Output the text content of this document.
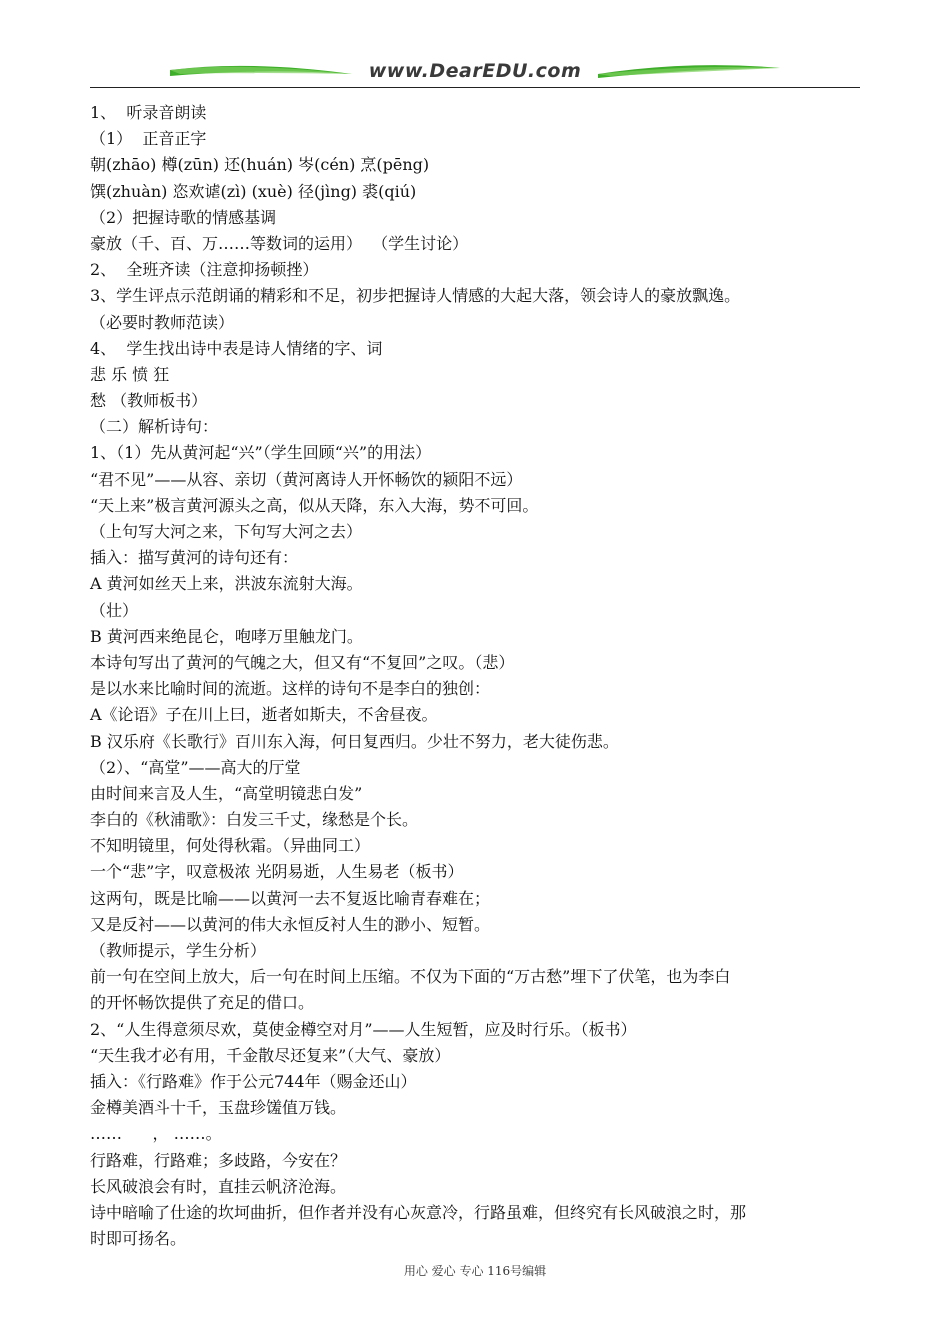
www.DearEDU.com
1、  听录音朗读
（1）  正音正字
朝(zhāo) 樽(zūn) 还(huán) 岑(cén) 烹(pēng)
馔(zhuàn) 恣欢谑(zì) (xuè) 径(jìng) 裘(qiú)
（2）把握诗歌的情感基调
豪放（千、百、万……等数词的运用）  （学生讨论）
2、  全班齐读（注意抑扬顿挫）
3、学生评点示范朗诵的精彩和不足，初步把握诗人情感的大起大落，领会诗人的豪放飘逸。
（必要时教师范读）
4、  学生找出诗中表是诗人情绪的字、词
悲 乐 愤 狂
愁 （教师板书）
（二）解析诗句：
1、（1）先从黄河起“兴”（学生回顾“兴”的用法）
“君不见”——从容、亲切（黄河离诗人开怀畅饮的颍阳不远）
“天上来”极言黄河源头之高，似从天降，东入大海，势不可回。
（上句写大河之来，下句写大河之去）
插入：描写黄河的诗句还有：
A 黄河如丝天上来，洪波东流射大海。
（壮）
B 黄河西来绝昆仑，咆哮万里触龙门。
本诗句写出了黄河的气魄之大，但又有“不复回”之叹。（悲）
是以水来比喻时间的流逝。这样的诗句不是李白的独创：
A《论语》子在川上曰，逝者如斯夫，不舍昼夜。
B 汉乐府《长歌行》百川东入海，何日复西归。少壮不努力，老大徒伤悲。
（2）、“高堂”——高大的厅堂
由时间来言及人生，“高堂明镜悲白发”
李白的《秋浦歌》：白发三千丈，缘愁是个长。
不知明镜里，何处得秋霜。（异曲同工）
一个“悲”字，叹意极浓 光阴易逝，人生易老（板书）
这两句，既是比喻——以黄河一去不复返比喻青春难在；
又是反衬——以黄河的伟大永恒反衬人生的渺小、短暂。
（教师提示，学生分析）
前一句在空间上放大，后一句在时间上压缩。不仅为下面的“万古愁”埋下了伏笔，也为李白
的开怀畅饮提供了充足的借口。
2、“人生得意须尽欢，莫使金樽空对月”——人生短暂，应及时行乐。（板书）
“天生我才必有用，千金散尽还复来”（大气、豪放）
插入：《行路难》作于公元744年（赐金还山）
金樽美酒斗十千，玉盘珍馐值万钱。
……      ， ……。
行路难，行路难；多歧路，今安在？
长风破浪会有时，直挂云帆济沧海。
诗中暗喻了仕途的坎坷曲折，但作者并没有心灰意冷，行路虽难，但终究有长风破浪之时，那
时即可扬名。
用心 爱心 专心 116号编辑
